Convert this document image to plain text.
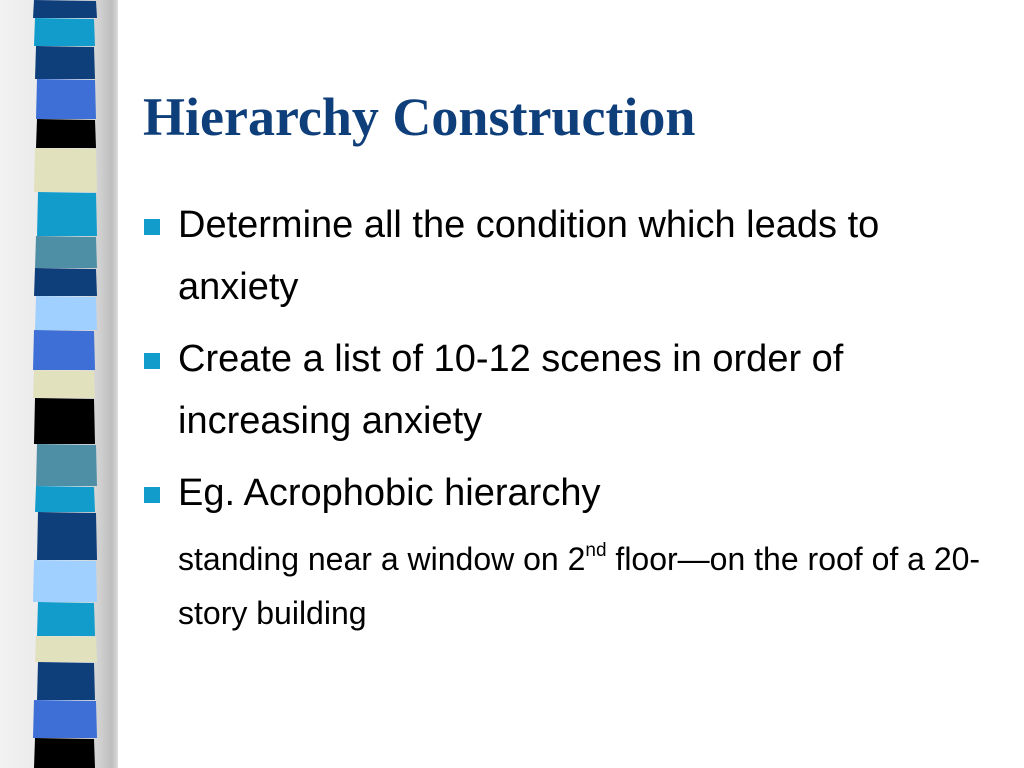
Hierarchy Construction
Determine all the condition which leads to anxiety
Create a list of 10-12 scenes in order of increasing anxiety
Eg. Acrophobic hierarchy

standing near a window on 2nd floor—on the roof of a 20-story building
